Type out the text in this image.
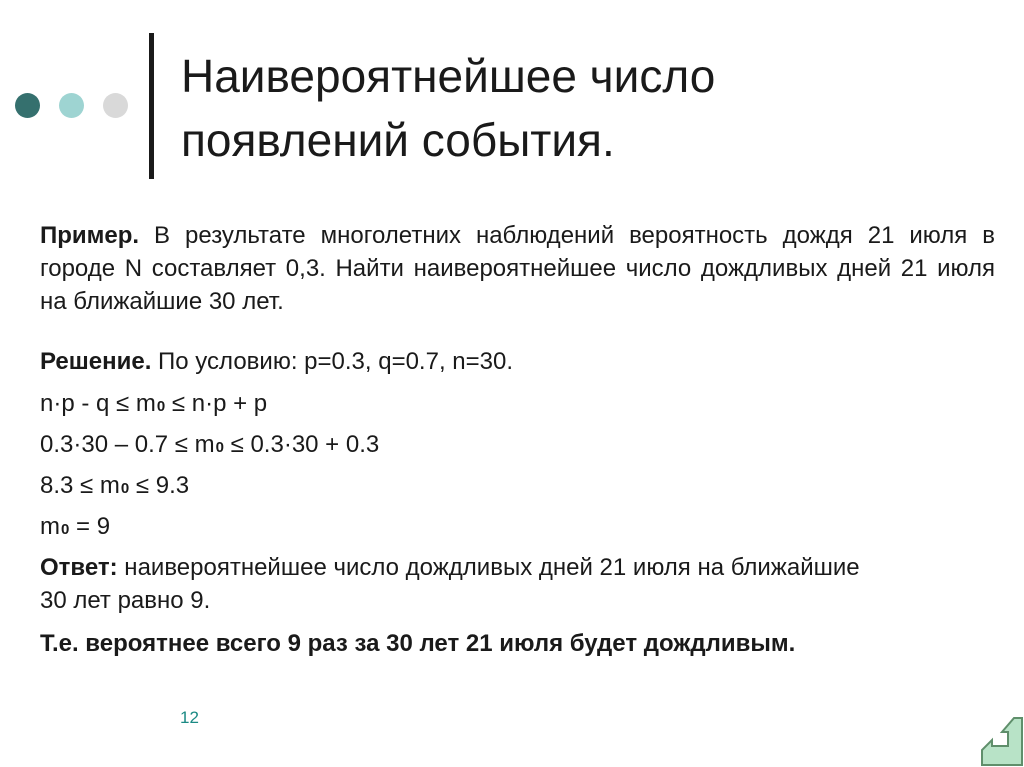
Наивероятнейшее число
появлений события.
Пример. В результате многолетних наблюдений вероятность дождя 21 июля в городе N составляет 0,3. Найти наивероятнейшее число дождливых дней 21 июля на ближайшие 30 лет.
Решение. По условию: p=0.3, q=0.7, n=30.
n·p - q ≤ m0 ≤ n·p + p
0.3·30 – 0.7 ≤ m0 ≤ 0.3·30 + 0.3
8.3 ≤ m0 ≤ 9.3
m0 = 9
Ответ: наивероятнейшее число дождливых дней 21 июля на ближайшие 30 лет равно 9.
Т.е. вероятнее всего 9 раз за 30 лет 21 июля будет дождливым.
12
